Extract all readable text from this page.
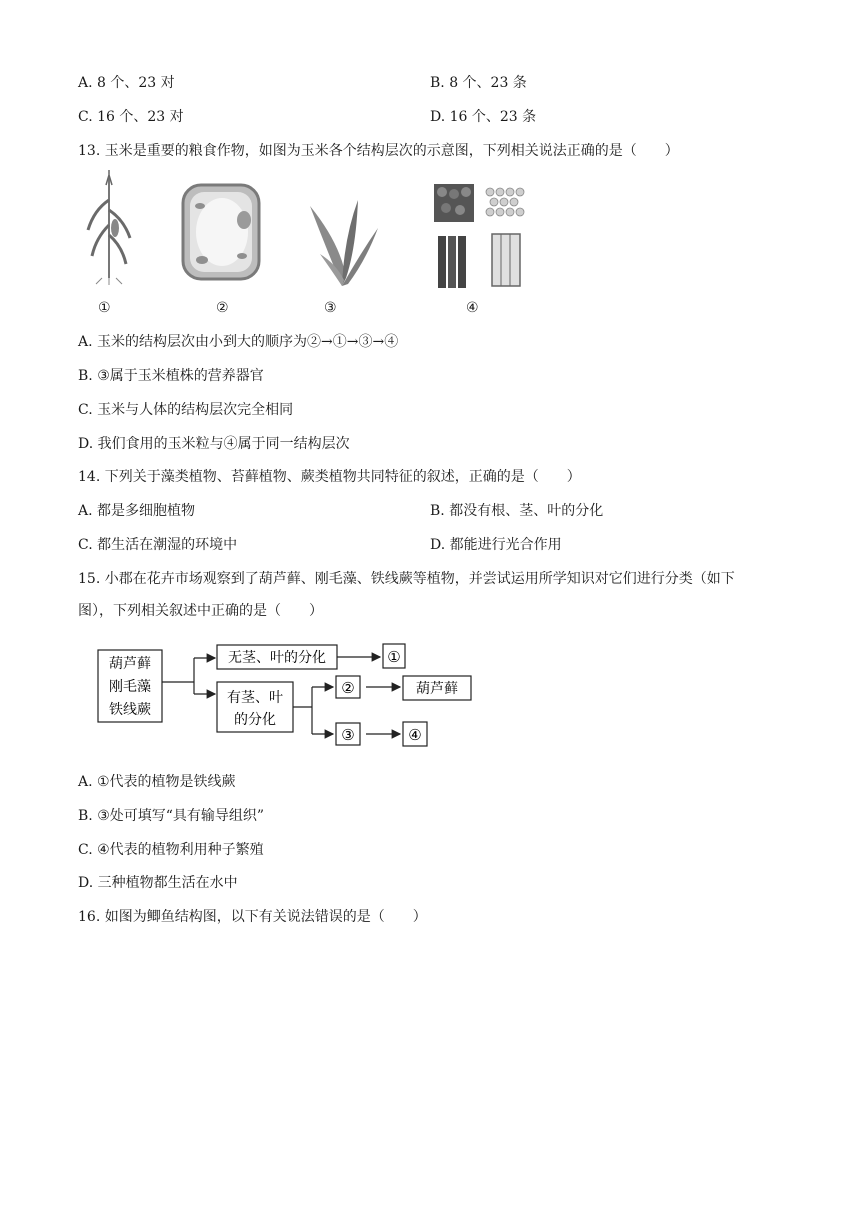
A. 8 个、23 对	B. 8 个、23 条
C. 16 个、23 对	D. 16 个、23 条
13. 玉米是重要的粮食作物，如图为玉米各个结构层次的示意图，下列相关说法正确的是（　　）
①	②	③	④
A. 玉米的结构层次由小到大的顺序为②→①→③→④
B. ③属于玉米植株的营养器官
C. 玉米与人体的结构层次完全相同
D. 我们食用的玉米粒与④属于同一结构层次
14. 下列关于藻类植物、苔藓植物、蕨类植物共同特征的叙述，正确的是（　　）
A. 都是多细胞植物	B. 都没有根、茎、叶的分化
C. 都生活在潮湿的环境中	D. 都能进行光合作用
15. 小郡在花卉市场观察到了葫芦藓、刚毛藻、铁线蕨等植物，并尝试运用所学知识对它们进行分类（如下
图），下列相关叙述中正确的是（　　）
葫芦藓
刚毛藻
铁线蕨
无茎、叶的分化	①
有茎、叶
的分化
②	葫芦藓
③	④
A. ①代表的植物是铁线蕨
B. ③处可填写“具有输导组织”
C. ④代表的植物利用种子繁殖
D. 三种植物都生活在水中
16. 如图为鲫鱼结构图，以下有关说法错误的是（　　）
